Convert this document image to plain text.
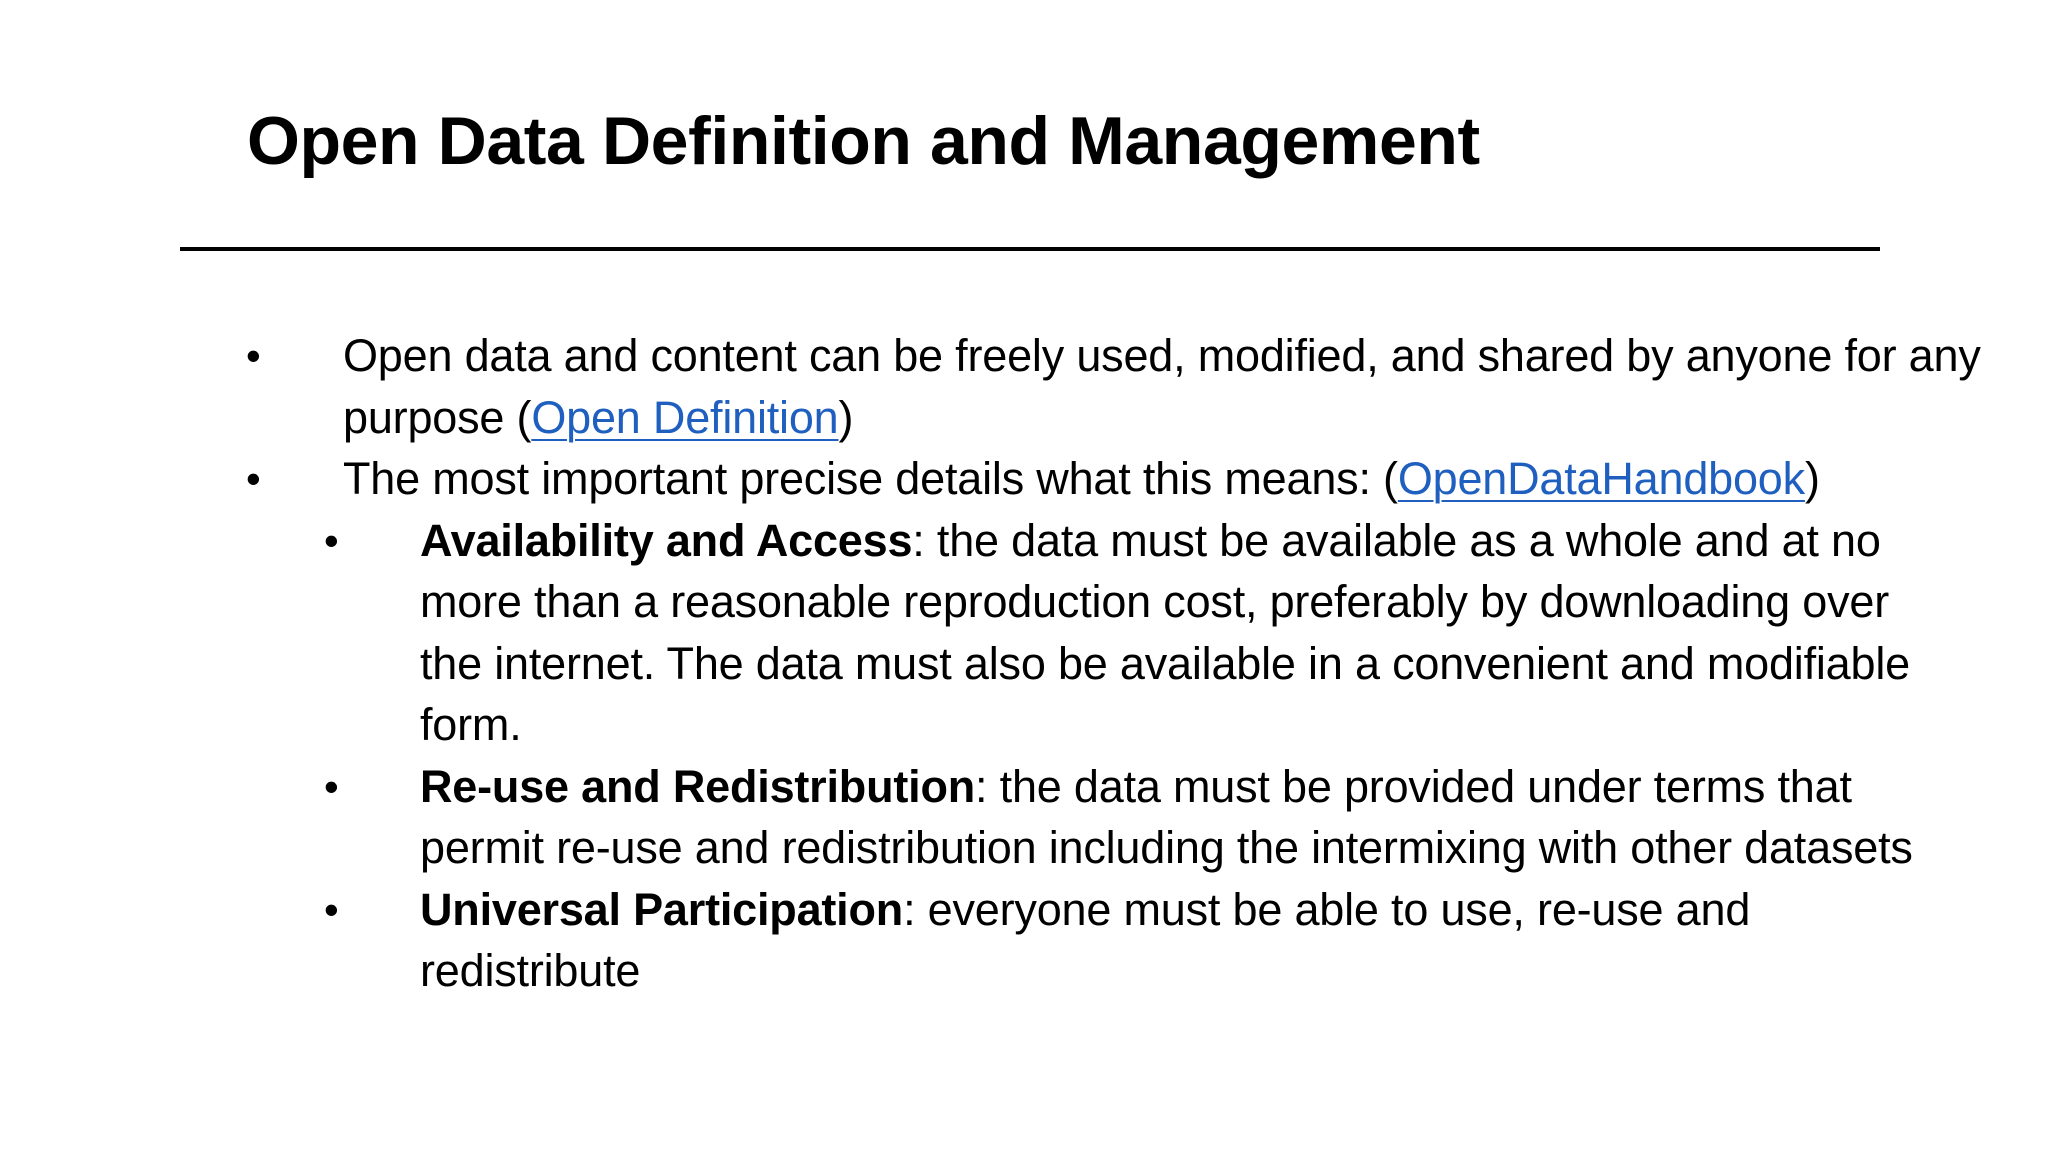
Open Data Definition and Management
• Open data and content can be freely used, modified, and shared by anyone for any purpose (Open Definition)
• The most important precise details what this means: (OpenDataHandbook)
• Availability and Access: the data must be available as a whole and at no more than a reasonable reproduction cost, preferably by downloading over the internet. The data must also be available in a convenient and modifiable form.
• Re-use and Redistribution: the data must be provided under terms that permit re-use and redistribution including the intermixing with other datasets
• Universal Participation: everyone must be able to use, re-use and redistribute
